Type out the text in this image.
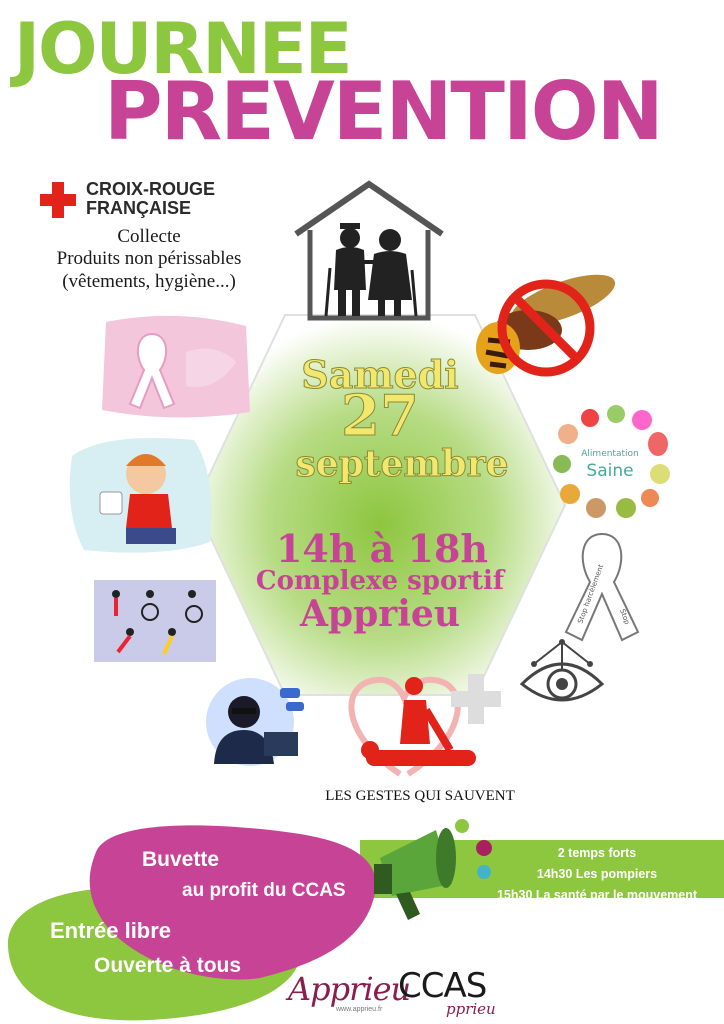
JOURNEE
PREVENTION
CROIX-ROUGE
FRANÇAISE
Collecte
Produits non périssables
(vêtements, hygiène...)
Alimentation
Saine
Stop harcèlement Stop
Samedi
27
septembre
14h à 18h
Complexe sportif
Apprieu
LES GESTES QUI SAUVENT
Buvette
au profit du CCAS
Entrée libre
Ouverte à tous
2 temps forts
14h30 Les pompiers
15h30 La santé par le mouvement
Apprieu
www.apprieu.fr
CCAS
pprieu
